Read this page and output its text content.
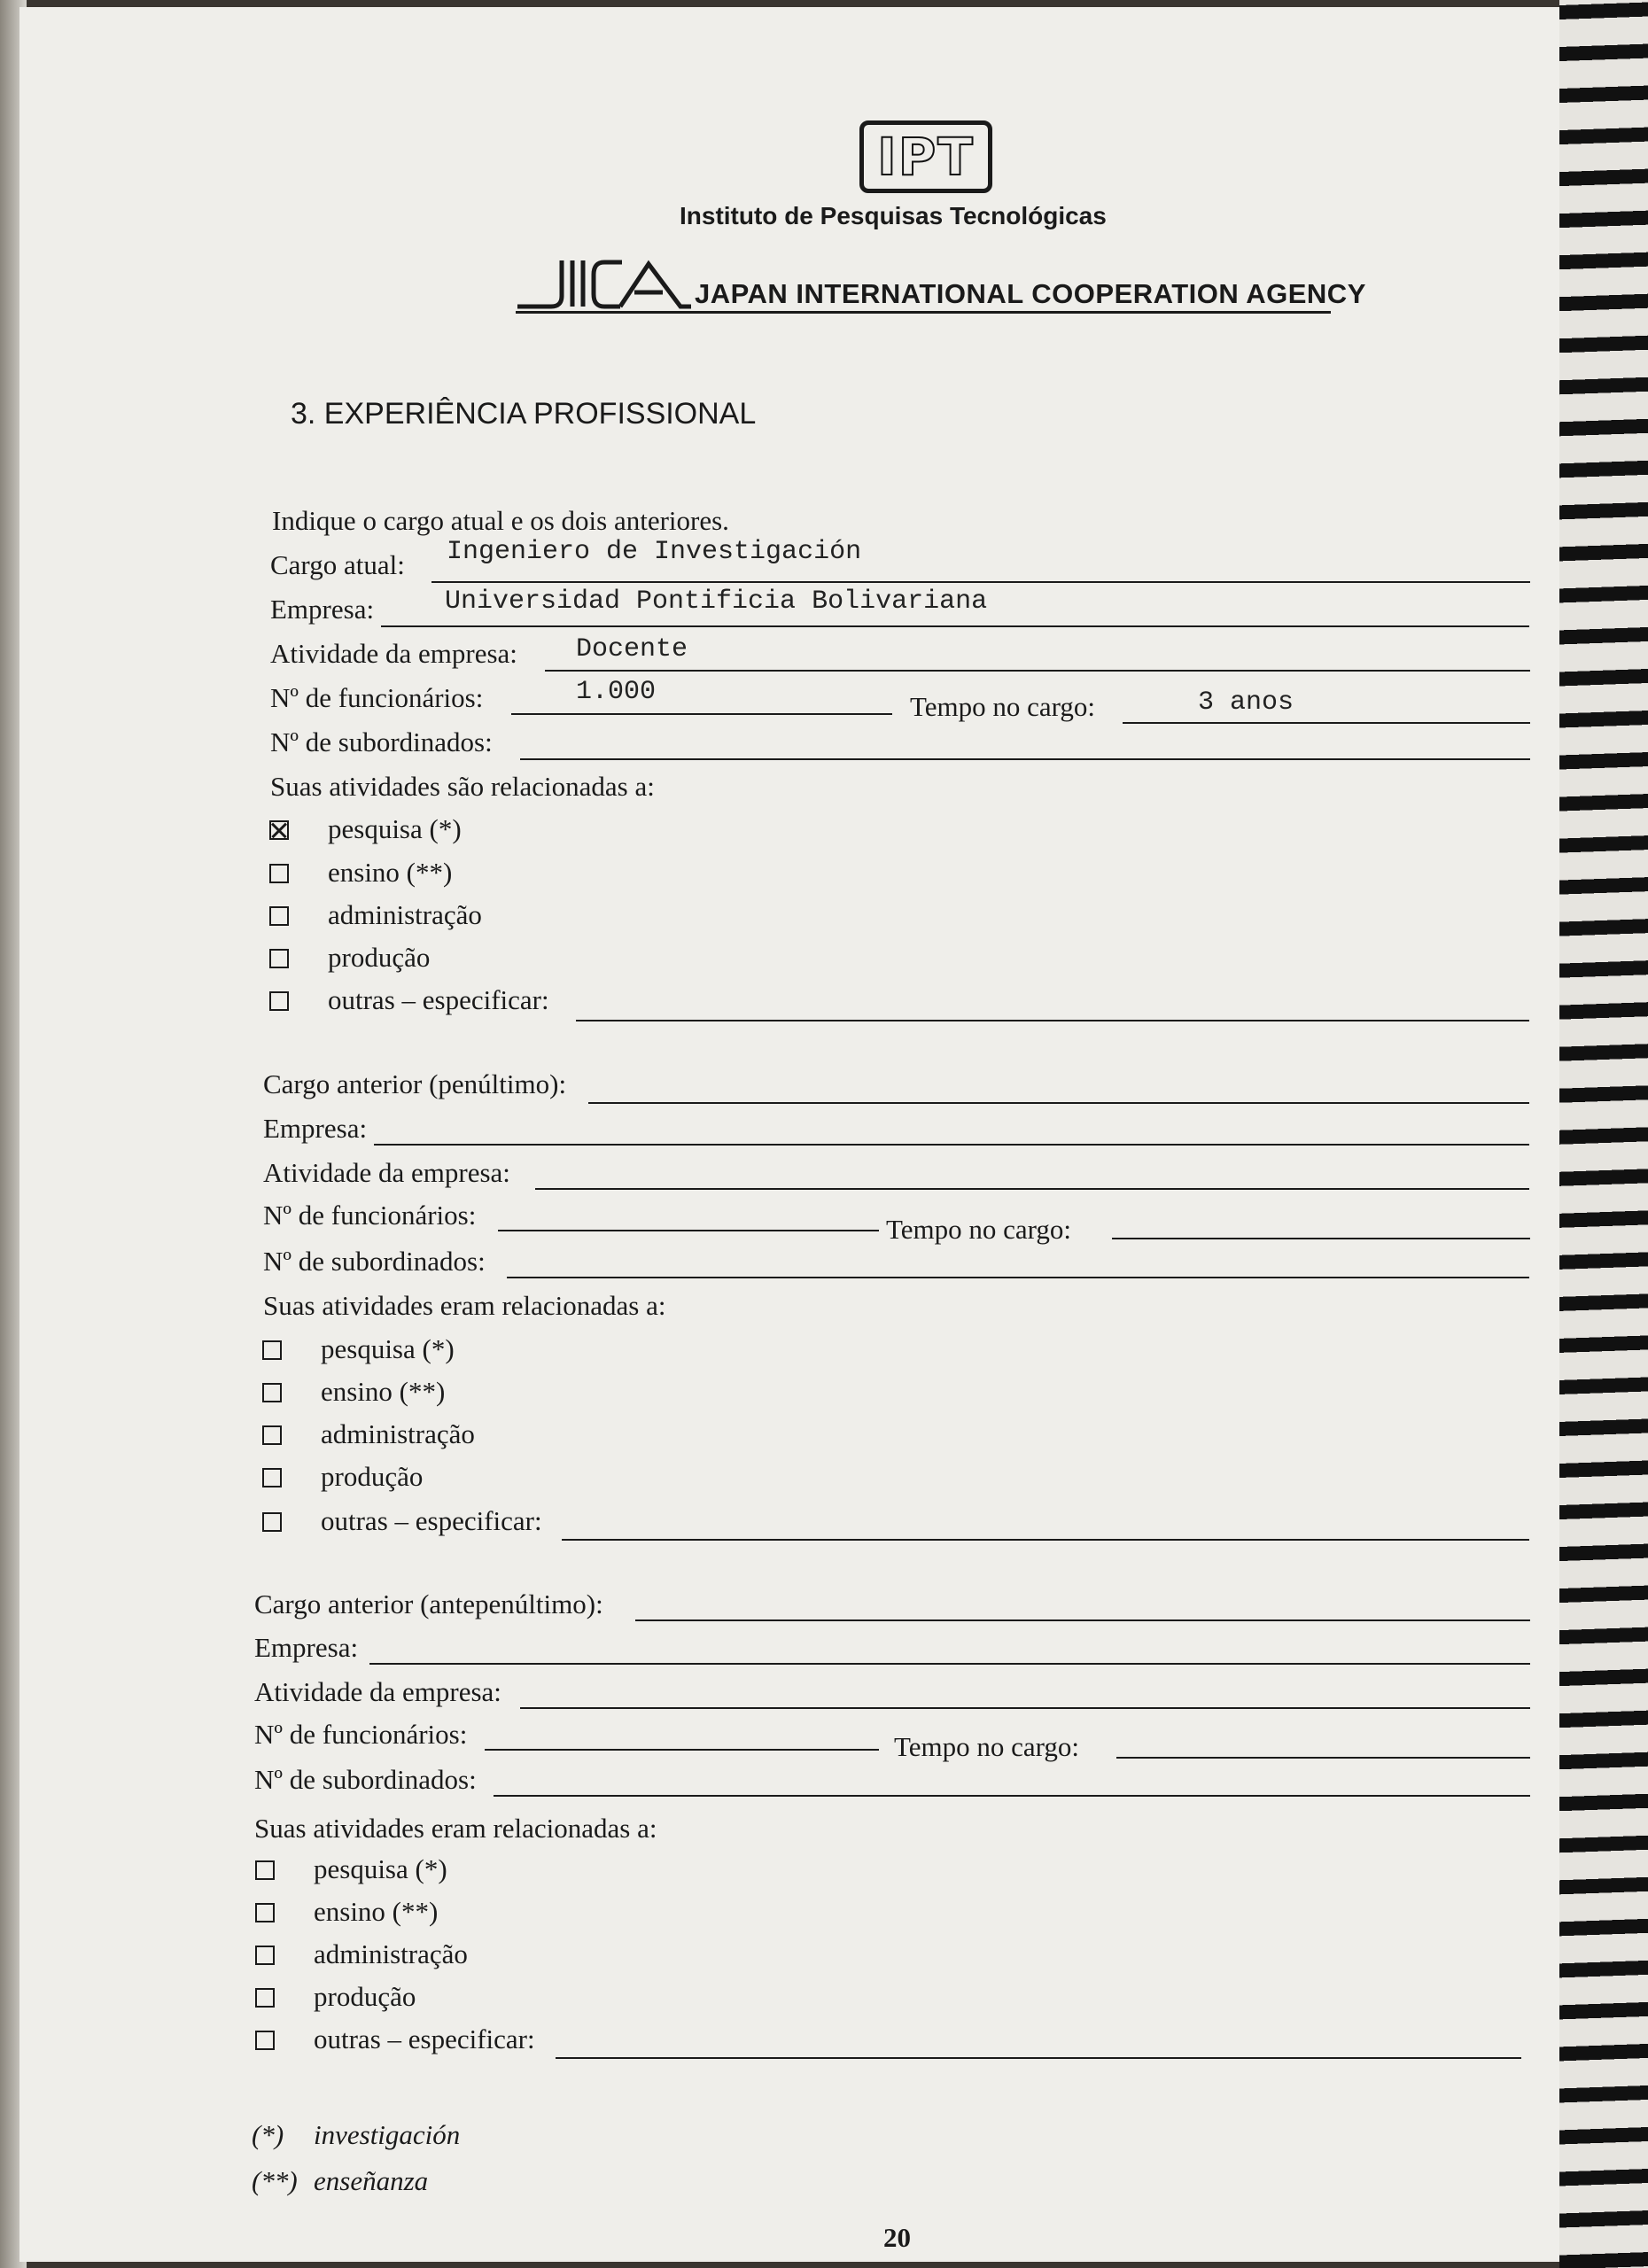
IPT
Instituto de Pesquisas Tecnológicas
JAPAN INTERNATIONAL COOPERATION AGENCY
3. EXPERIÊNCIA PROFISSIONAL
Indique o cargo atual e os dois anteriores.
Cargo atual: Ingeniero de Investigación
Empresa:	Universidad Pontificia Bolivariana
Atividade da empresa: Docente
Nº de funcionários:	1.000	Tempo no cargo:	3 anos
Nº de subordinados:
Suas atividades são relacionadas a:
pesquisa (*)
ensino (**)
administração
produção
outras – especificar:
Cargo anterior (penúltimo):
Empresa:
Atividade da empresa:
Nº de funcionários:	Tempo no cargo:
Nº de subordinados:
Suas atividades eram relacionadas a:
pesquisa (*)
ensino (**)
administração
produção
outras – especificar:
Cargo anterior (antepenúltimo):
Empresa:
Atividade da empresa:
Nº de funcionários:	Tempo no cargo:
Nº de subordinados:
Suas atividades eram relacionadas a:
pesquisa (*)
ensino (**)
administração
produção
outras – especificar:
(*) investigación
(**) enseñanza
20
